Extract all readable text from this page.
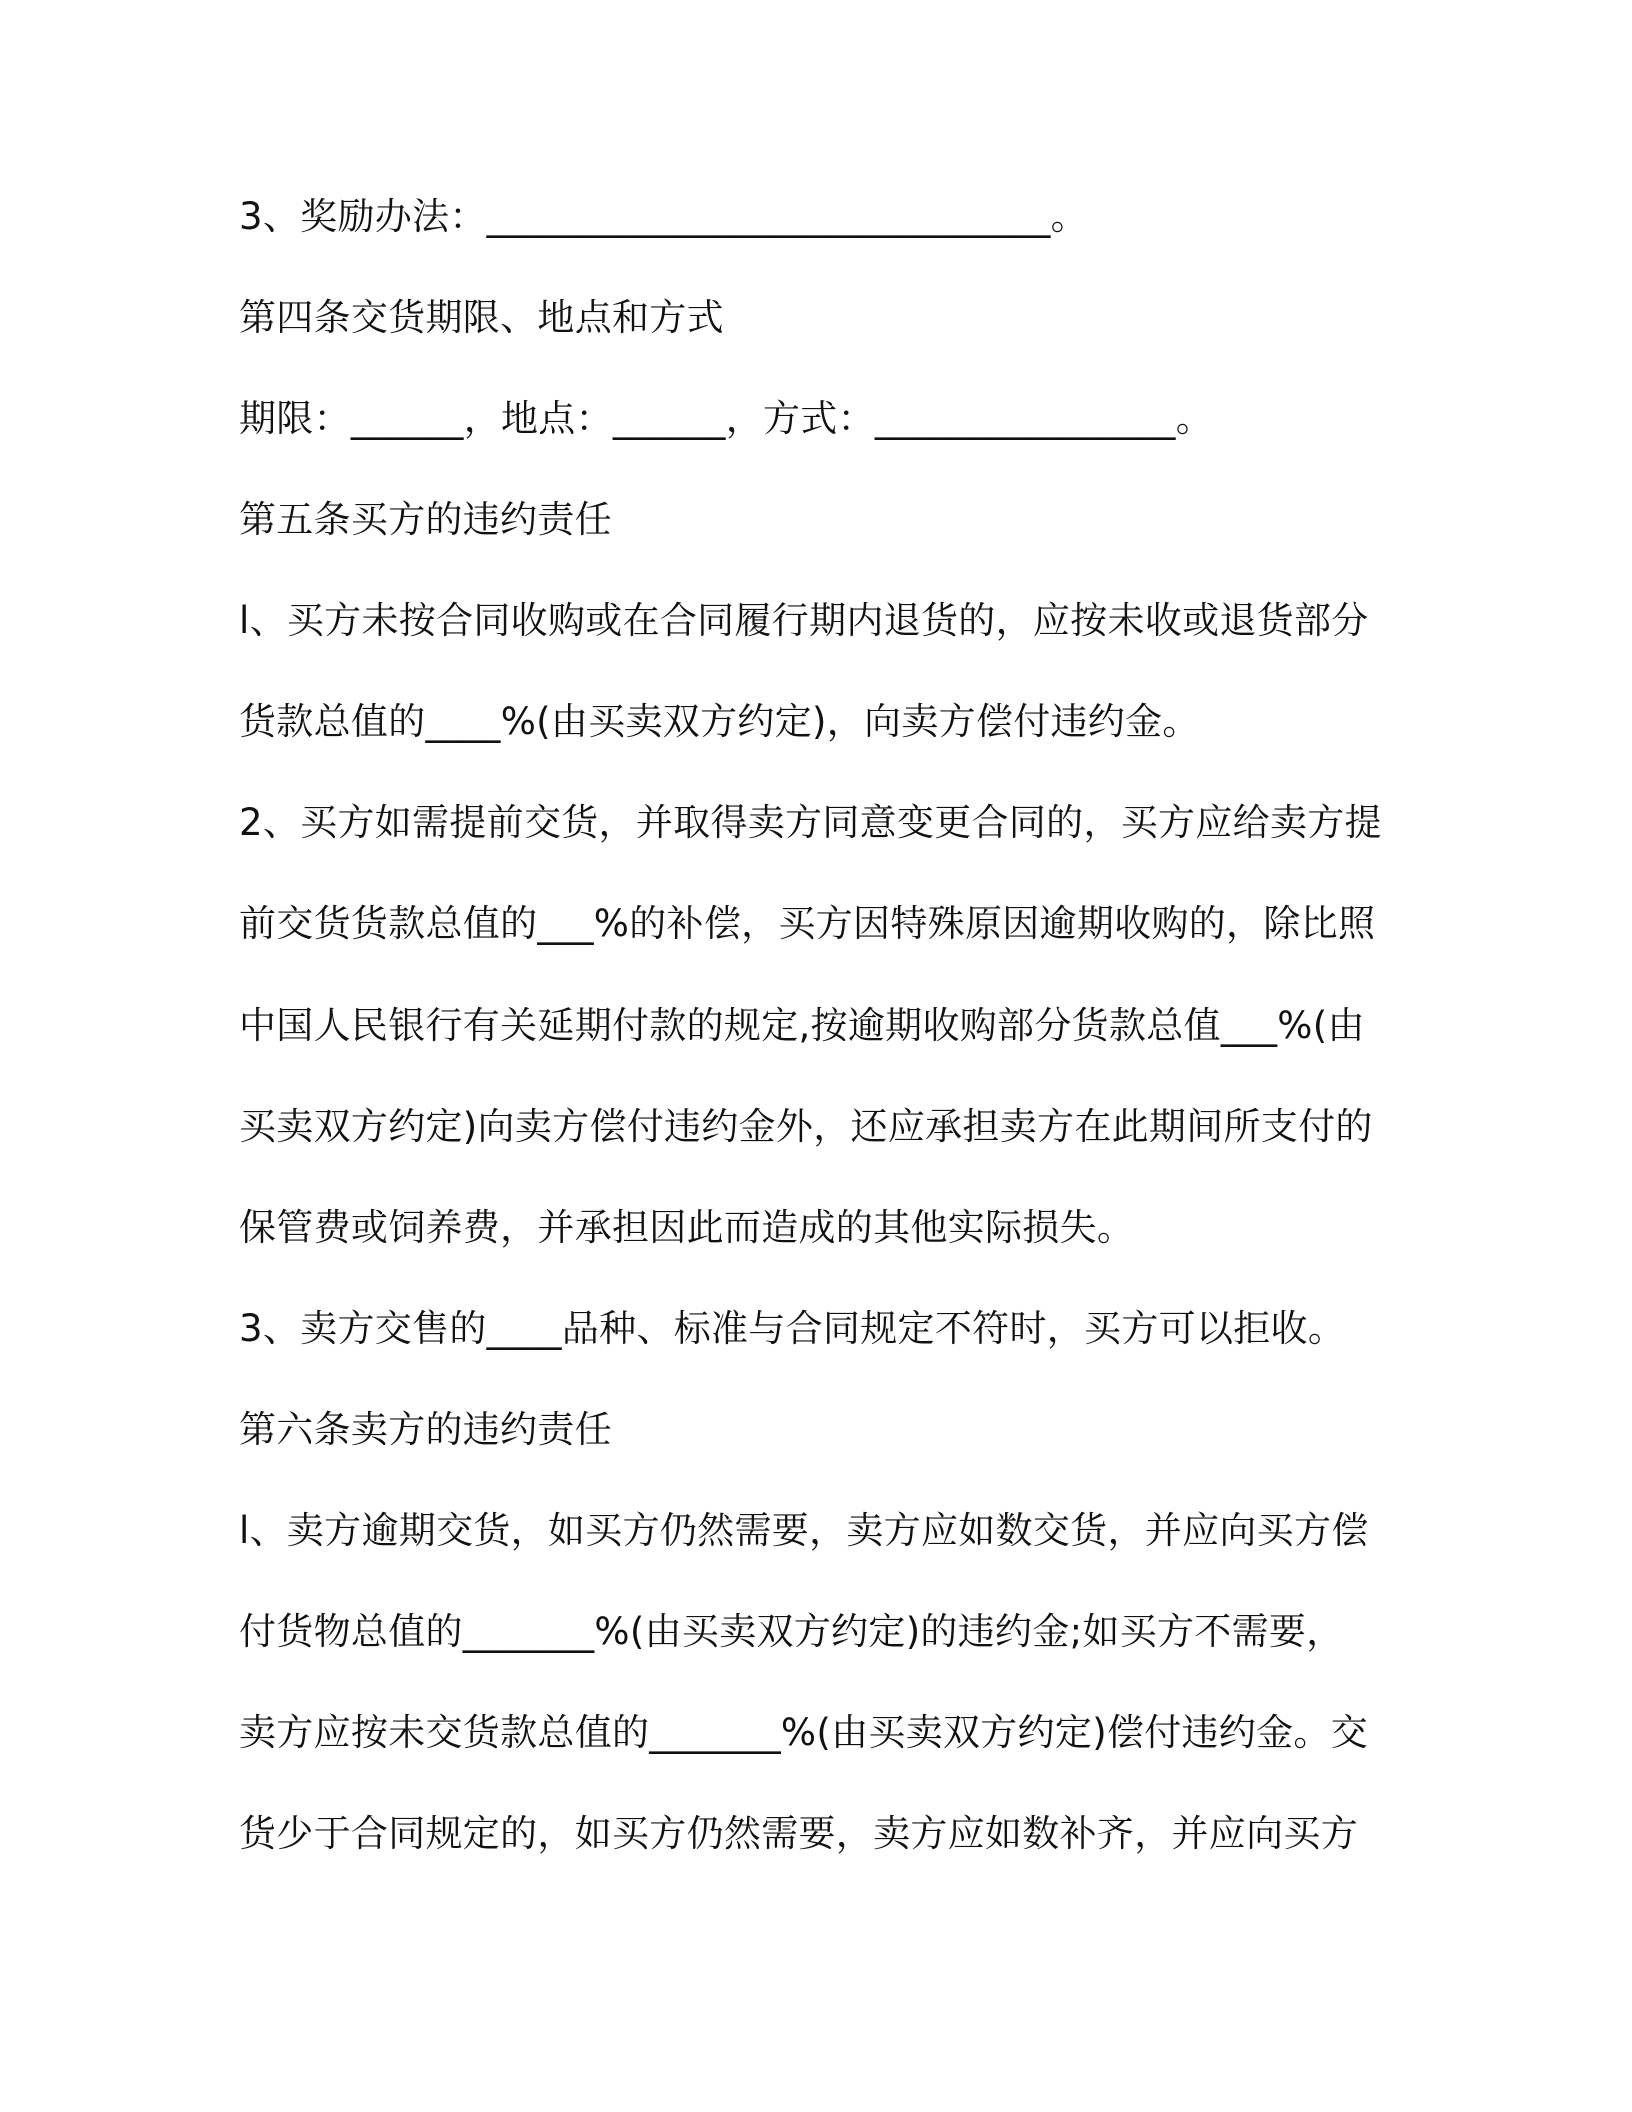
3、奖励办法：______________________________。
第四条交货期限、地点和方式
期限：______，地点：______，方式：________________。
第五条买方的违约责任
l、买方未按合同收购或在合同履行期内退货的，应按未收或退货部分
货款总值的____%(由买卖双方约定)，向卖方偿付违约金。
2、买方如需提前交货，并取得卖方同意变更合同的，买方应给卖方提
前交货货款总值的___%的补偿，买方因特殊原因逾期收购的，除比照
中国人民银行有关延期付款的规定,按逾期收购部分货款总值___%(由
买卖双方约定)向卖方偿付违约金外，还应承担卖方在此期间所支付的
保管费或饲养费，并承担因此而造成的其他实际损失。
3、卖方交售的____品种、标准与合同规定不符时，买方可以拒收。
第六条卖方的违约责任
l、卖方逾期交货，如买方仍然需要，卖方应如数交货，并应向买方偿
付货物总值的_______%(由买卖双方约定)的违约金;如买方不需要，
卖方应按未交货款总值的_______%(由买卖双方约定)偿付违约金。交
货少于合同规定的，如买方仍然需要，卖方应如数补齐，并应向买方
